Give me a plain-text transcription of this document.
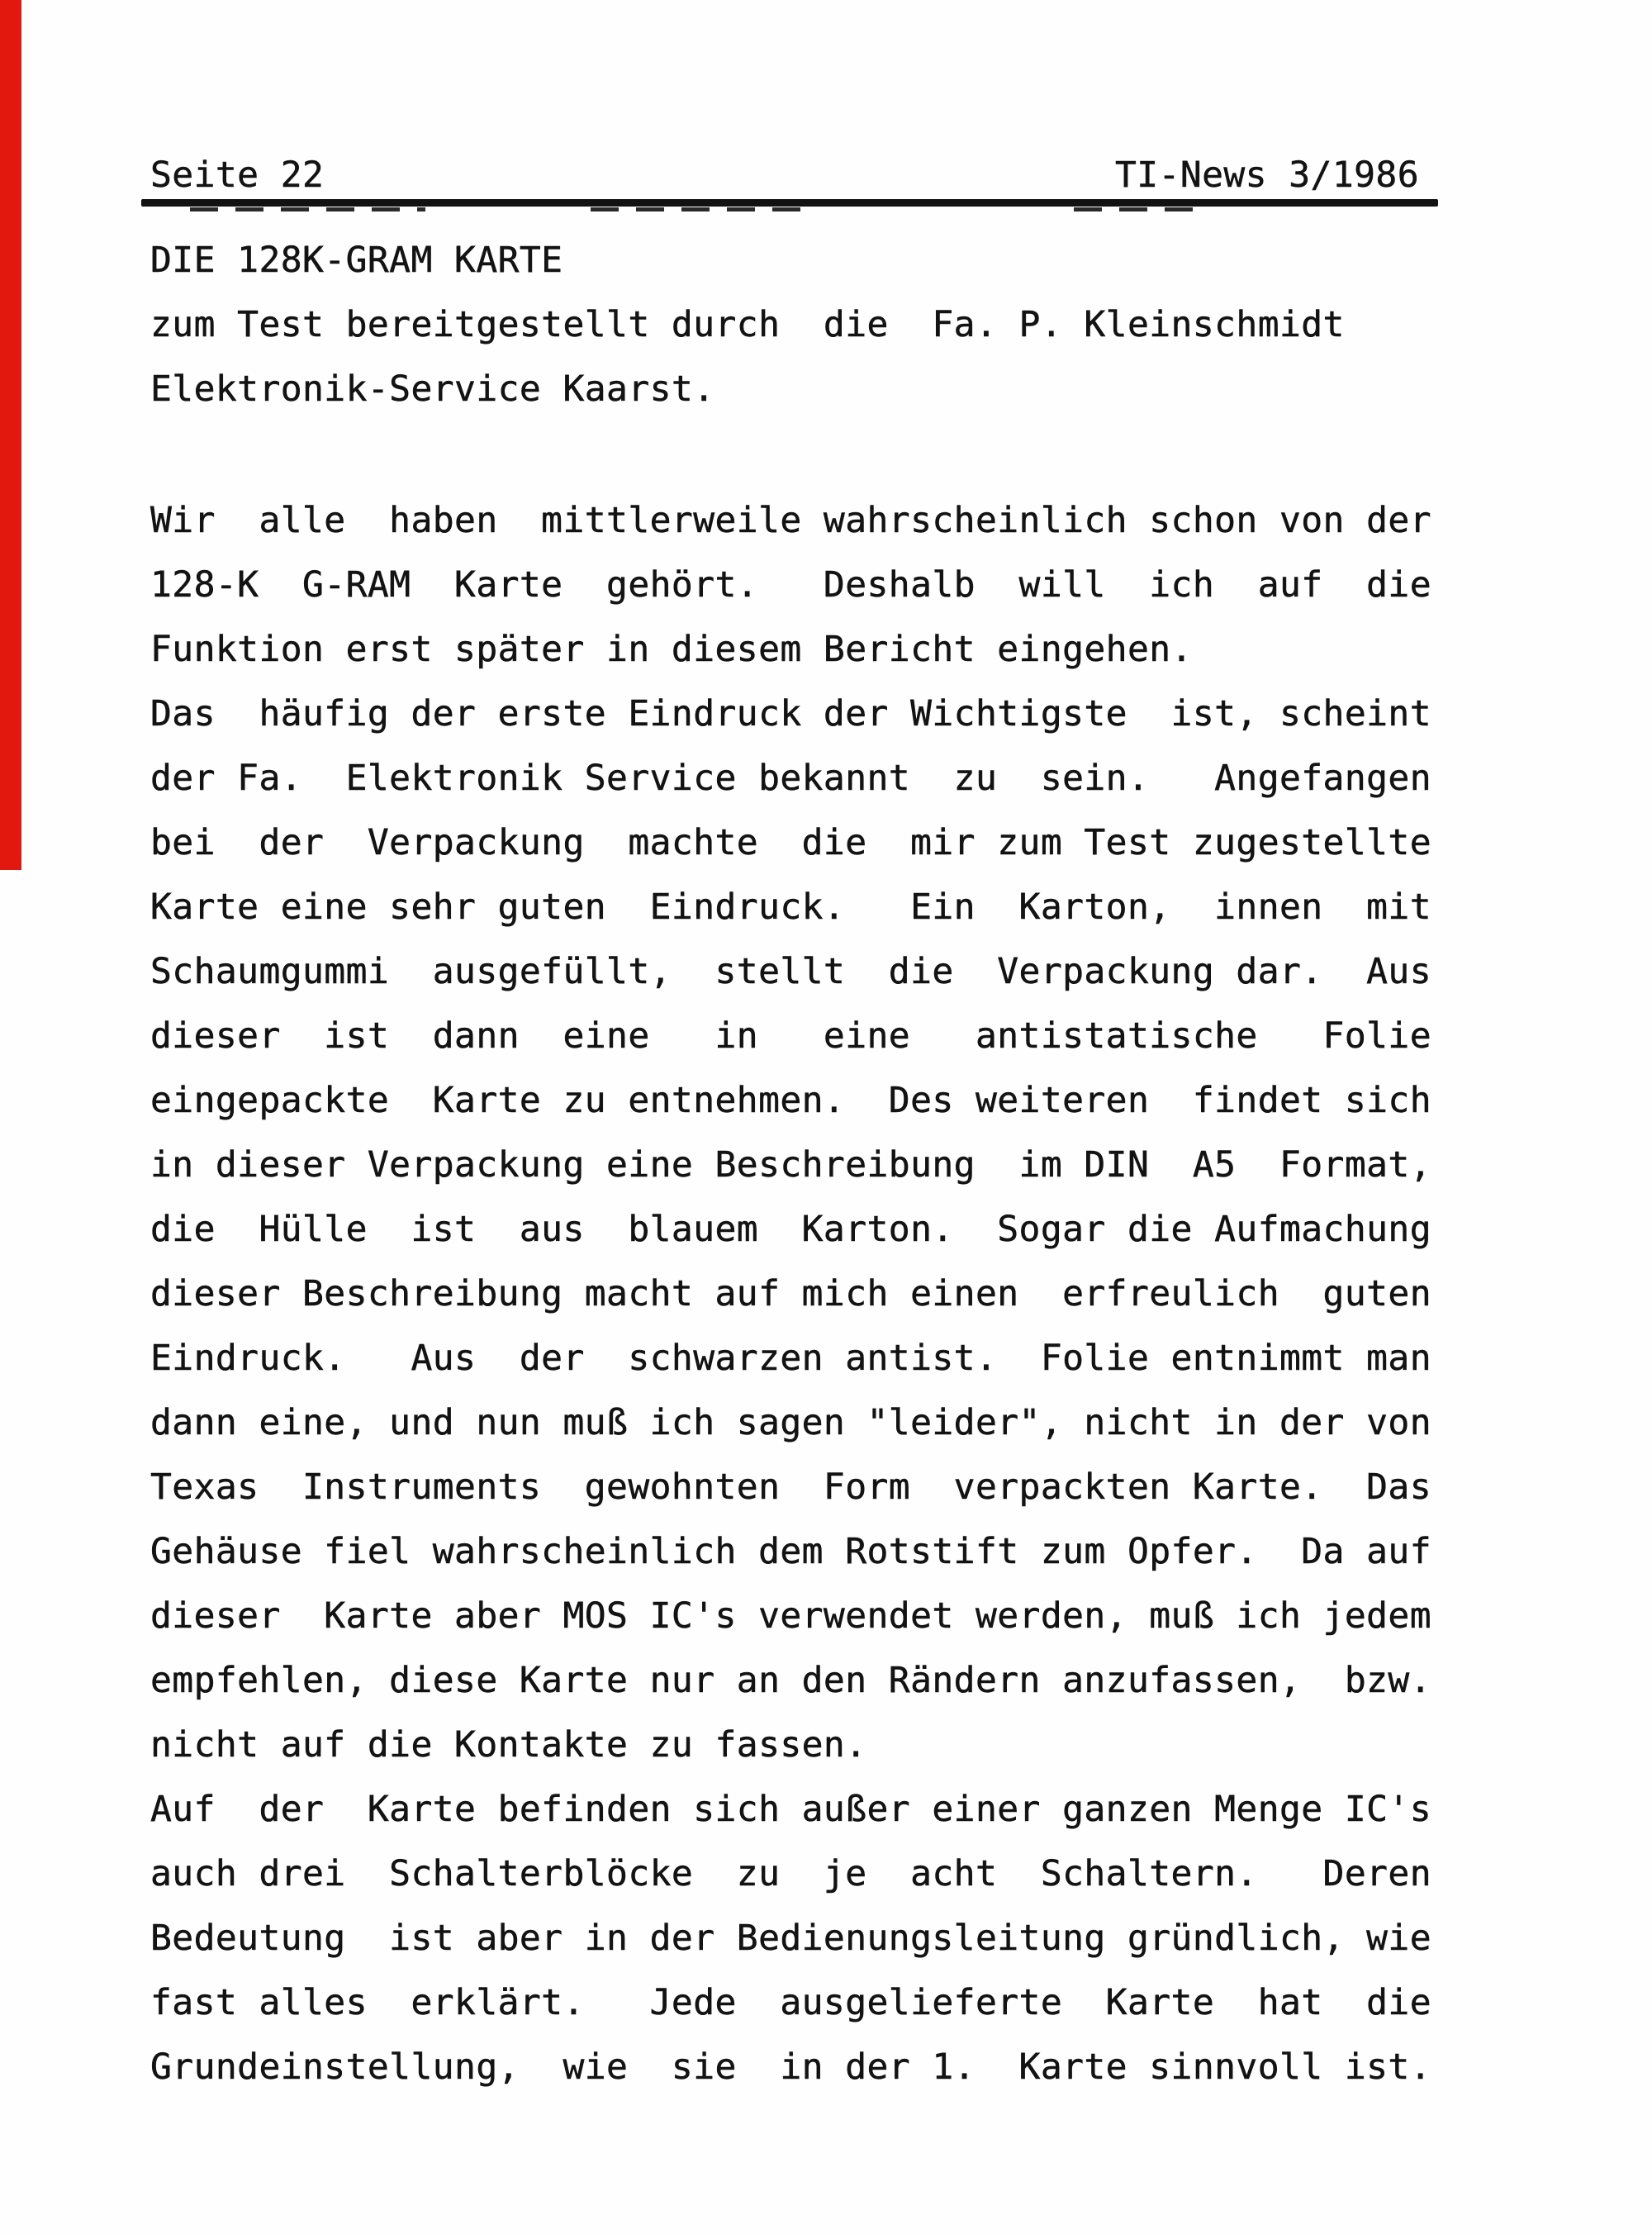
Seite 22	TI-News 3/1986
DIE 128K-GRAM KARTE
zum Test bereitgestellt durch  die  Fa. P. Kleinschmidt
Elektronik-Service Kaarst.
Wir  alle  haben  mittlerweile wahrscheinlich schon von der
128-K  G-RAM  Karte  gehört.   Deshalb  will  ich  auf  die
Funktion erst später in diesem Bericht eingehen.
Das  häufig der erste Eindruck der Wichtigste  ist, scheint
der Fa.  Elektronik Service bekannt  zu  sein.   Angefangen
bei  der  Verpackung  machte  die  mir zum Test zugestellte
Karte eine sehr guten  Eindruck.   Ein  Karton,  innen  mit
Schaumgummi  ausgefüllt,  stellt  die  Verpackung dar.  Aus
dieser  ist  dann  eine   in   eine   antistatische   Folie
eingepackte  Karte zu entnehmen.  Des weiteren  findet sich
in dieser Verpackung eine Beschreibung  im DIN  A5  Format,
die  Hülle  ist  aus  blauem  Karton.  Sogar die Aufmachung
dieser Beschreibung macht auf mich einen  erfreulich  guten
Eindruck.   Aus  der  schwarzen antist.  Folie entnimmt man
dann eine, und nun muß ich sagen "leider", nicht in der von
Texas  Instruments  gewohnten  Form  verpackten Karte.  Das
Gehäuse fiel wahrscheinlich dem Rotstift zum Opfer.  Da auf
dieser  Karte aber MOS IC's verwendet werden, muß ich jedem
empfehlen, diese Karte nur an den Rändern anzufassen,  bzw.
nicht auf die Kontakte zu fassen.
Auf  der  Karte befinden sich außer einer ganzen Menge IC's
auch drei  Schalterblöcke  zu  je  acht  Schaltern.   Deren
Bedeutung  ist aber in der Bedienungsleitung gründlich, wie
fast alles  erklärt.   Jede  ausgelieferte  Karte  hat  die
Grundeinstellung,  wie  sie  in der 1.  Karte sinnvoll ist.
